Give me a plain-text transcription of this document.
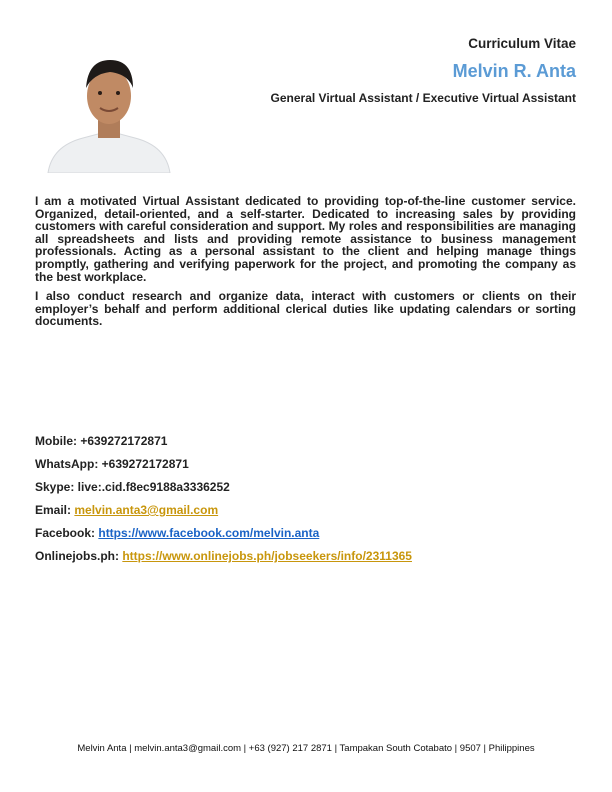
Curriculum Vitae
Melvin R. Anta
General Virtual Assistant / Executive Virtual Assistant

I am a motivated Virtual Assistant dedicated to providing top-of-the-line customer service. Organized, detail-oriented, and a self-starter. Dedicated to increasing sales by providing customers with careful consideration and support. My roles and responsibilities are managing all spreadsheets and lists and providing remote assistance to business management professionals. Acting as a personal assistant to the client and helping manage things promptly, gathering and verifying paperwork for the project, and promoting the company as the best workplace.

I also conduct research and organize data, interact with customers or clients on their employer’s behalf and perform additional clerical duties like updating calendars or sorting documents.

Mobile: +639272172871
WhatsApp: +639272172871
Skype: live:.cid.f8ec9188a3336252
Email: melvin.anta3@gmail.com
Facebook: https://www.facebook.com/melvin.anta
Onlinejobs.ph: https://www.onlinejobs.ph/jobseekers/info/2311365
Melvin Anta | melvin.anta3@gmail.com | +63 (927) 217 2871 | Tampakan South Cotabato | 9507 | Philippines
